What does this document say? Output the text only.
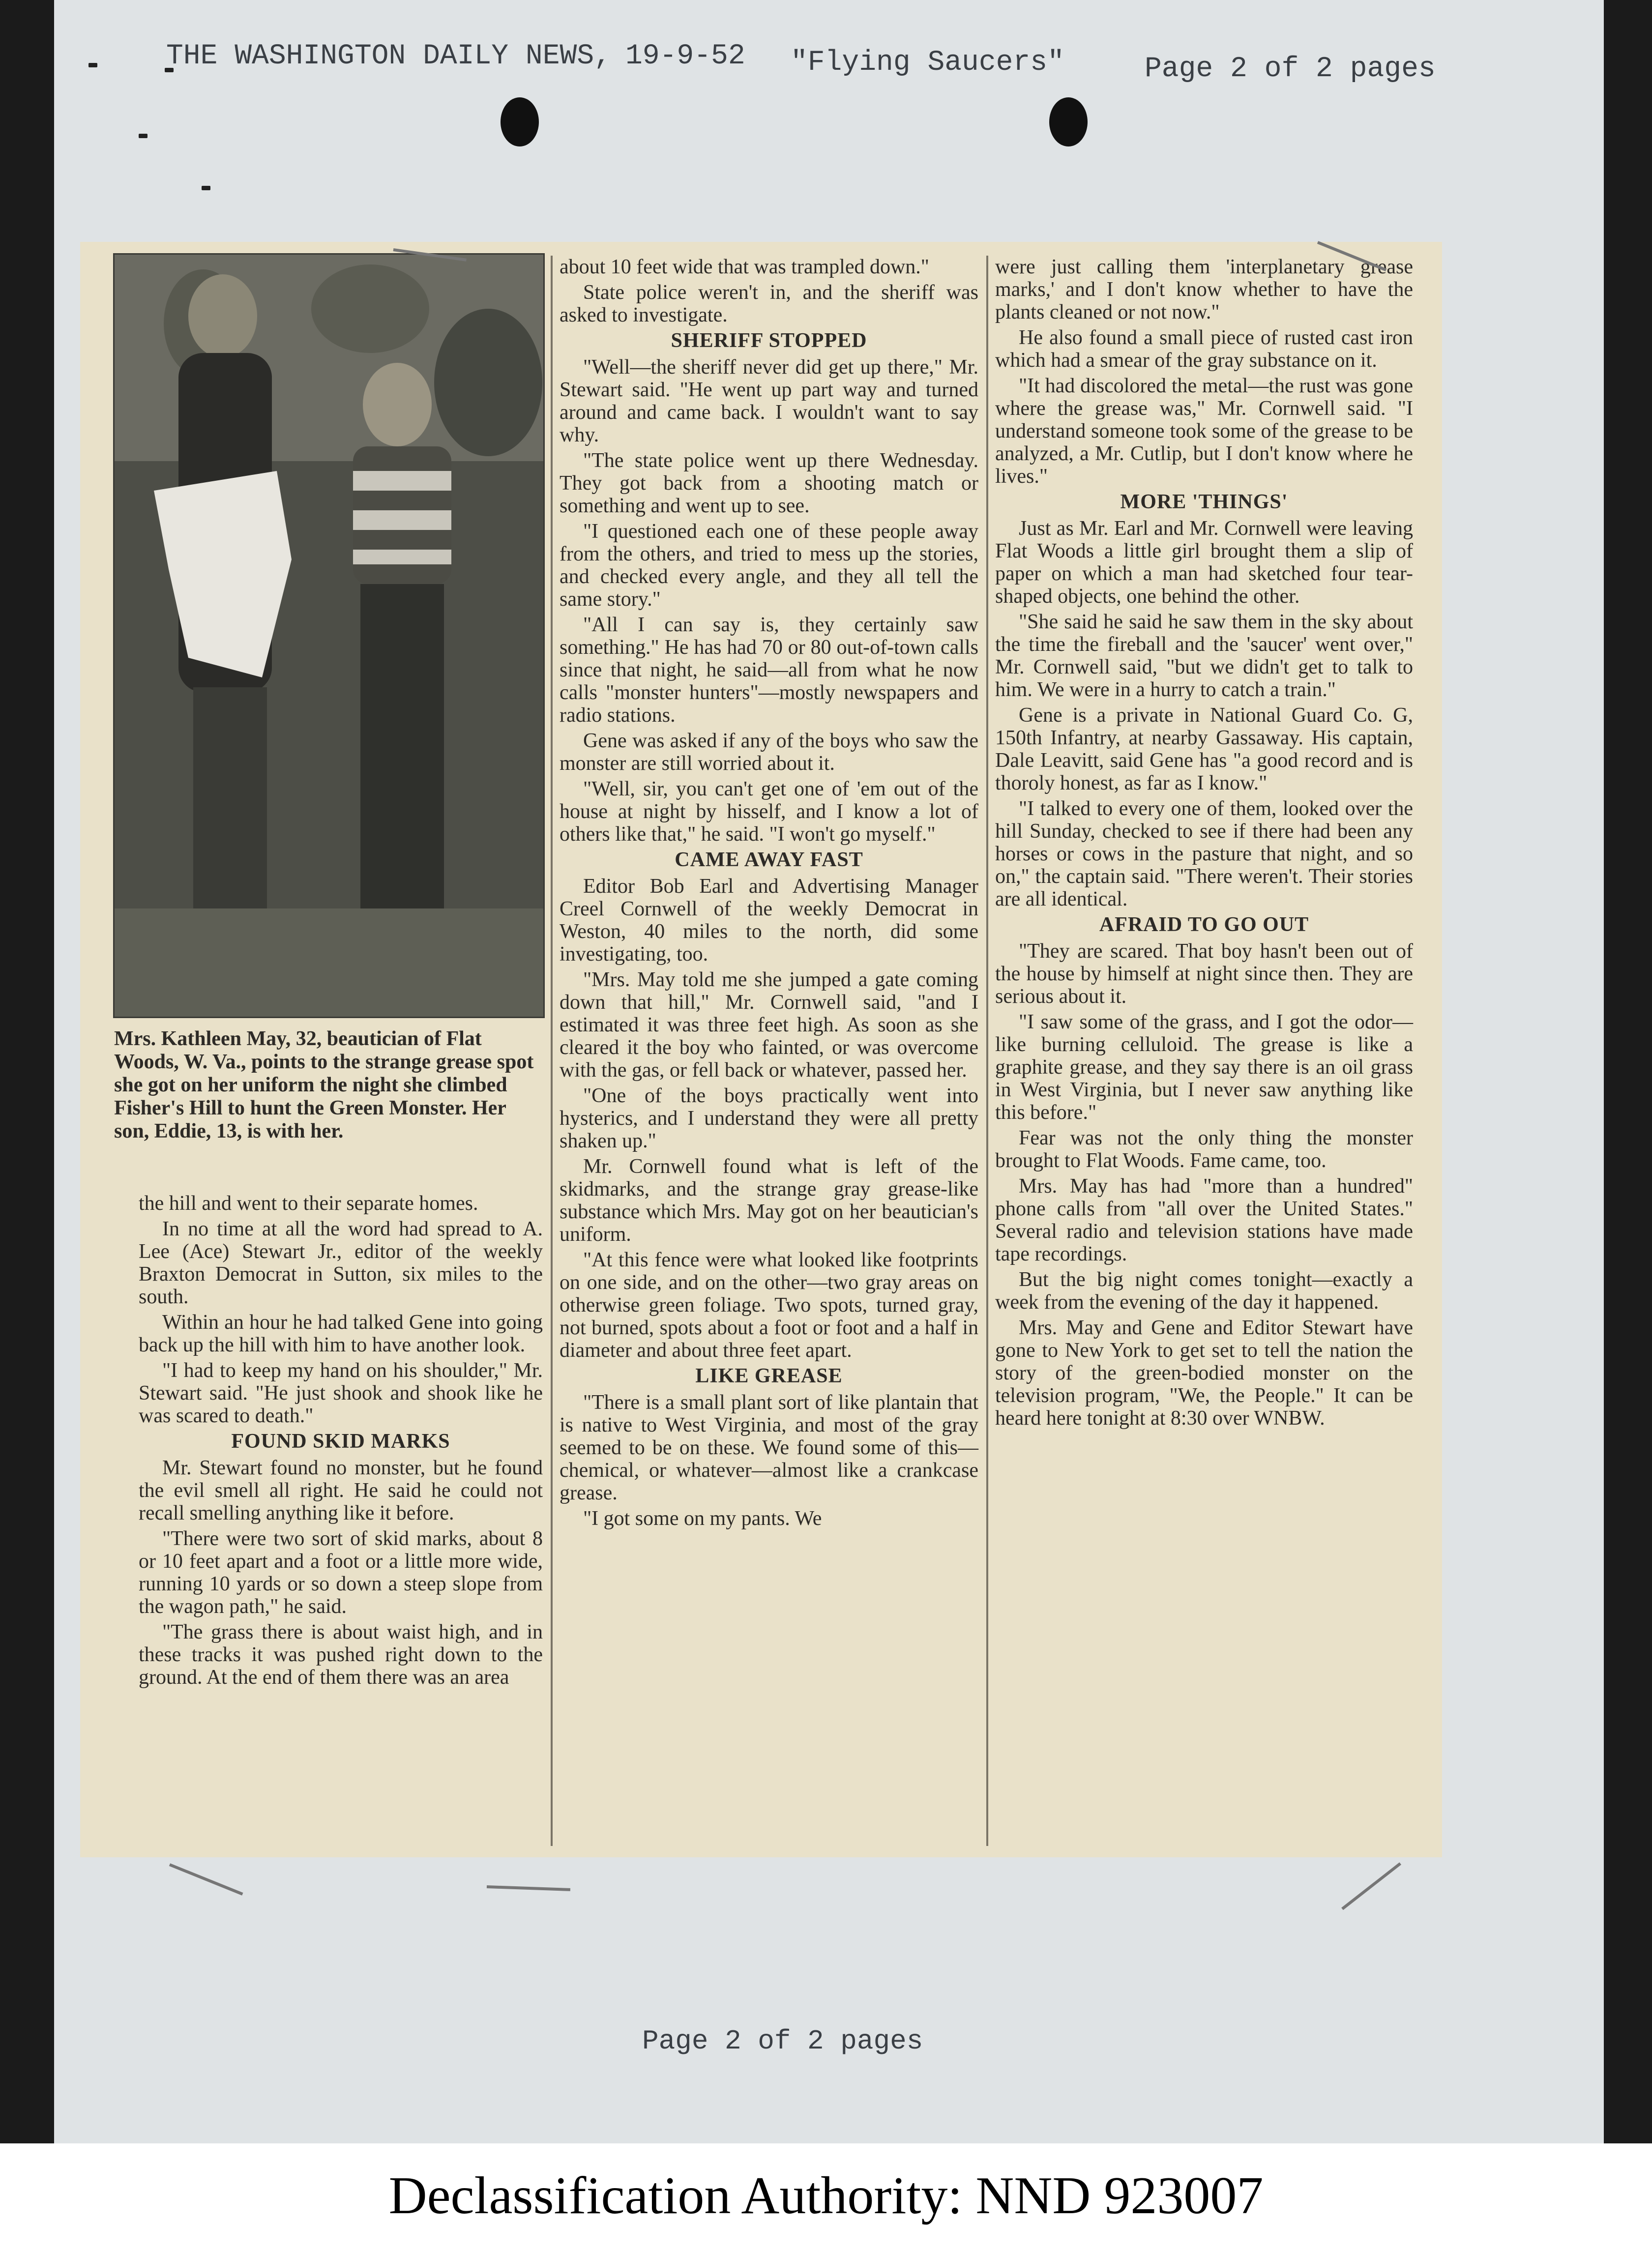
THE WASHINGTON DAILY NEWS, 19-9-52 "Flying Saucers"	Page 2 of 2 pages
Page 2 of 2 pages
Mrs. Kathleen May, 32, beautician of Flat Woods, W. Va., points to the strange grease spot she got on her uniform the night she climbed Fisher's Hill to hunt the Green Monster. Her son, Eddie, 13, is with her.

the hill and went to their separate homes.

In no time at all the word had spread to A. Lee (Ace) Stewart Jr., editor of the weekly Braxton Democrat in Sutton, six miles to the south.

Within an hour he had talked Gene into going back up the hill with him to have another look.

"I had to keep my hand on his shoulder," Mr. Stewart said. "He just shook and shook like he was scared to death."

FOUND SKID MARKS

Mr. Stewart found no monster, but he found the evil smell all right. He said he could not recall smelling anything like it before.

"There were two sort of skid marks, about 8 or 10 feet apart and a foot or a little more wide, running 10 yards or so down a steep slope from the wagon path," he said.

"The grass there is about waist high, and in these tracks it was pushed right down to the ground. At the end of them there was an area

about 10 feet wide that was trampled down."

State police weren't in, and the sheriff was asked to investigate.

SHERIFF STOPPED

"Well—the sheriff never did get up there," Mr. Stewart said. "He went up part way and turned around and came back. I wouldn't want to say why.

"The state police went up there Wednesday. They got back from a shooting match or something and went up to see.

"I questioned each one of these people away from the others, and tried to mess up the stories, and checked every angle, and they all tell the same story."

"All I can say is, they certainly saw something." He has had 70 or 80 out-of-town calls since that night, he said—all from what he now calls "monster hunters"—mostly newspapers and radio stations.

Gene was asked if any of the boys who saw the monster are still worried about it.

"Well, sir, you can't get one of 'em out of the house at night by hisself, and I know a lot of others like that," he said. "I won't go myself."

CAME AWAY FAST

Editor Bob Earl and Advertising Manager Creel Cornwell of the weekly Democrat in Weston, 40 miles to the north, did some investigating, too.

"Mrs. May told me she jumped a gate coming down that hill," Mr. Cornwell said, "and I estimated it was three feet high. As soon as she cleared it the boy who fainted, or was overcome with the gas, or fell back or whatever, passed her.

"One of the boys practically went into hysterics, and I understand they were all pretty shaken up."

Mr. Cornwell found what is left of the skidmarks, and the strange gray grease-like substance which Mrs. May got on her beautician's uniform.

"At this fence were what looked like footprints on one side, and on the other—two gray areas on otherwise green foliage. Two spots, turned gray, not burned, spots about a foot or foot and a half in diameter and about three feet apart.

LIKE GREASE

"There is a small plant sort of like plantain that is native to West Virginia, and most of the gray seemed to be on these. We found some of this—chemical, or whatever—almost like a crankcase grease.

"I got some on my pants. We

were just calling them 'interplanetary grease marks,' and I don't know whether to have the plants cleaned or not now."

He also found a small piece of rusted cast iron which had a smear of the gray substance on it.

"It had discolored the metal—the rust was gone where the grease was," Mr. Cornwell said. "I understand someone took some of the grease to be analyzed, a Mr. Cutlip, but I don't know where he lives."

MORE 'THINGS'

Just as Mr. Earl and Mr. Cornwell were leaving Flat Woods a little girl brought them a slip of paper on which a man had sketched four tear-shaped objects, one behind the other.

"She said he said he saw them in the sky about the time the fireball and the 'saucer' went over," Mr. Cornwell said, "but we didn't get to talk to him. We were in a hurry to catch a train."

Gene is a private in National Guard Co. G, 150th Infantry, at nearby Gassaway. His captain, Dale Leavitt, said Gene has "a good record and is thoroly honest, as far as I know."

"I talked to every one of them, looked over the hill Sunday, checked to see if there had been any horses or cows in the pasture that night, and so on," the captain said. "There weren't. Their stories are all identical.

AFRAID TO GO OUT

"They are scared. That boy hasn't been out of the house by himself at night since then. They are serious about it.

"I saw some of the grass, and I got the odor—like burning celluloid. The grease is like a graphite grease, and they say there is an oil grass in West Virginia, but I never saw anything like this before."

Fear was not the only thing the monster brought to Flat Woods. Fame came, too.

Mrs. May has had "more than a hundred" phone calls from "all over the United States." Several radio and television stations have made tape recordings.

But the big night comes tonight—exactly a week from the evening of the day it happened.

Mrs. May and Gene and Editor Stewart have gone to New York to get set to tell the nation the story of the green-bodied monster on the television program, "We, the People." It can be heard here tonight at 8:30 over WNBW.

Declassification Authority: NND 923007
